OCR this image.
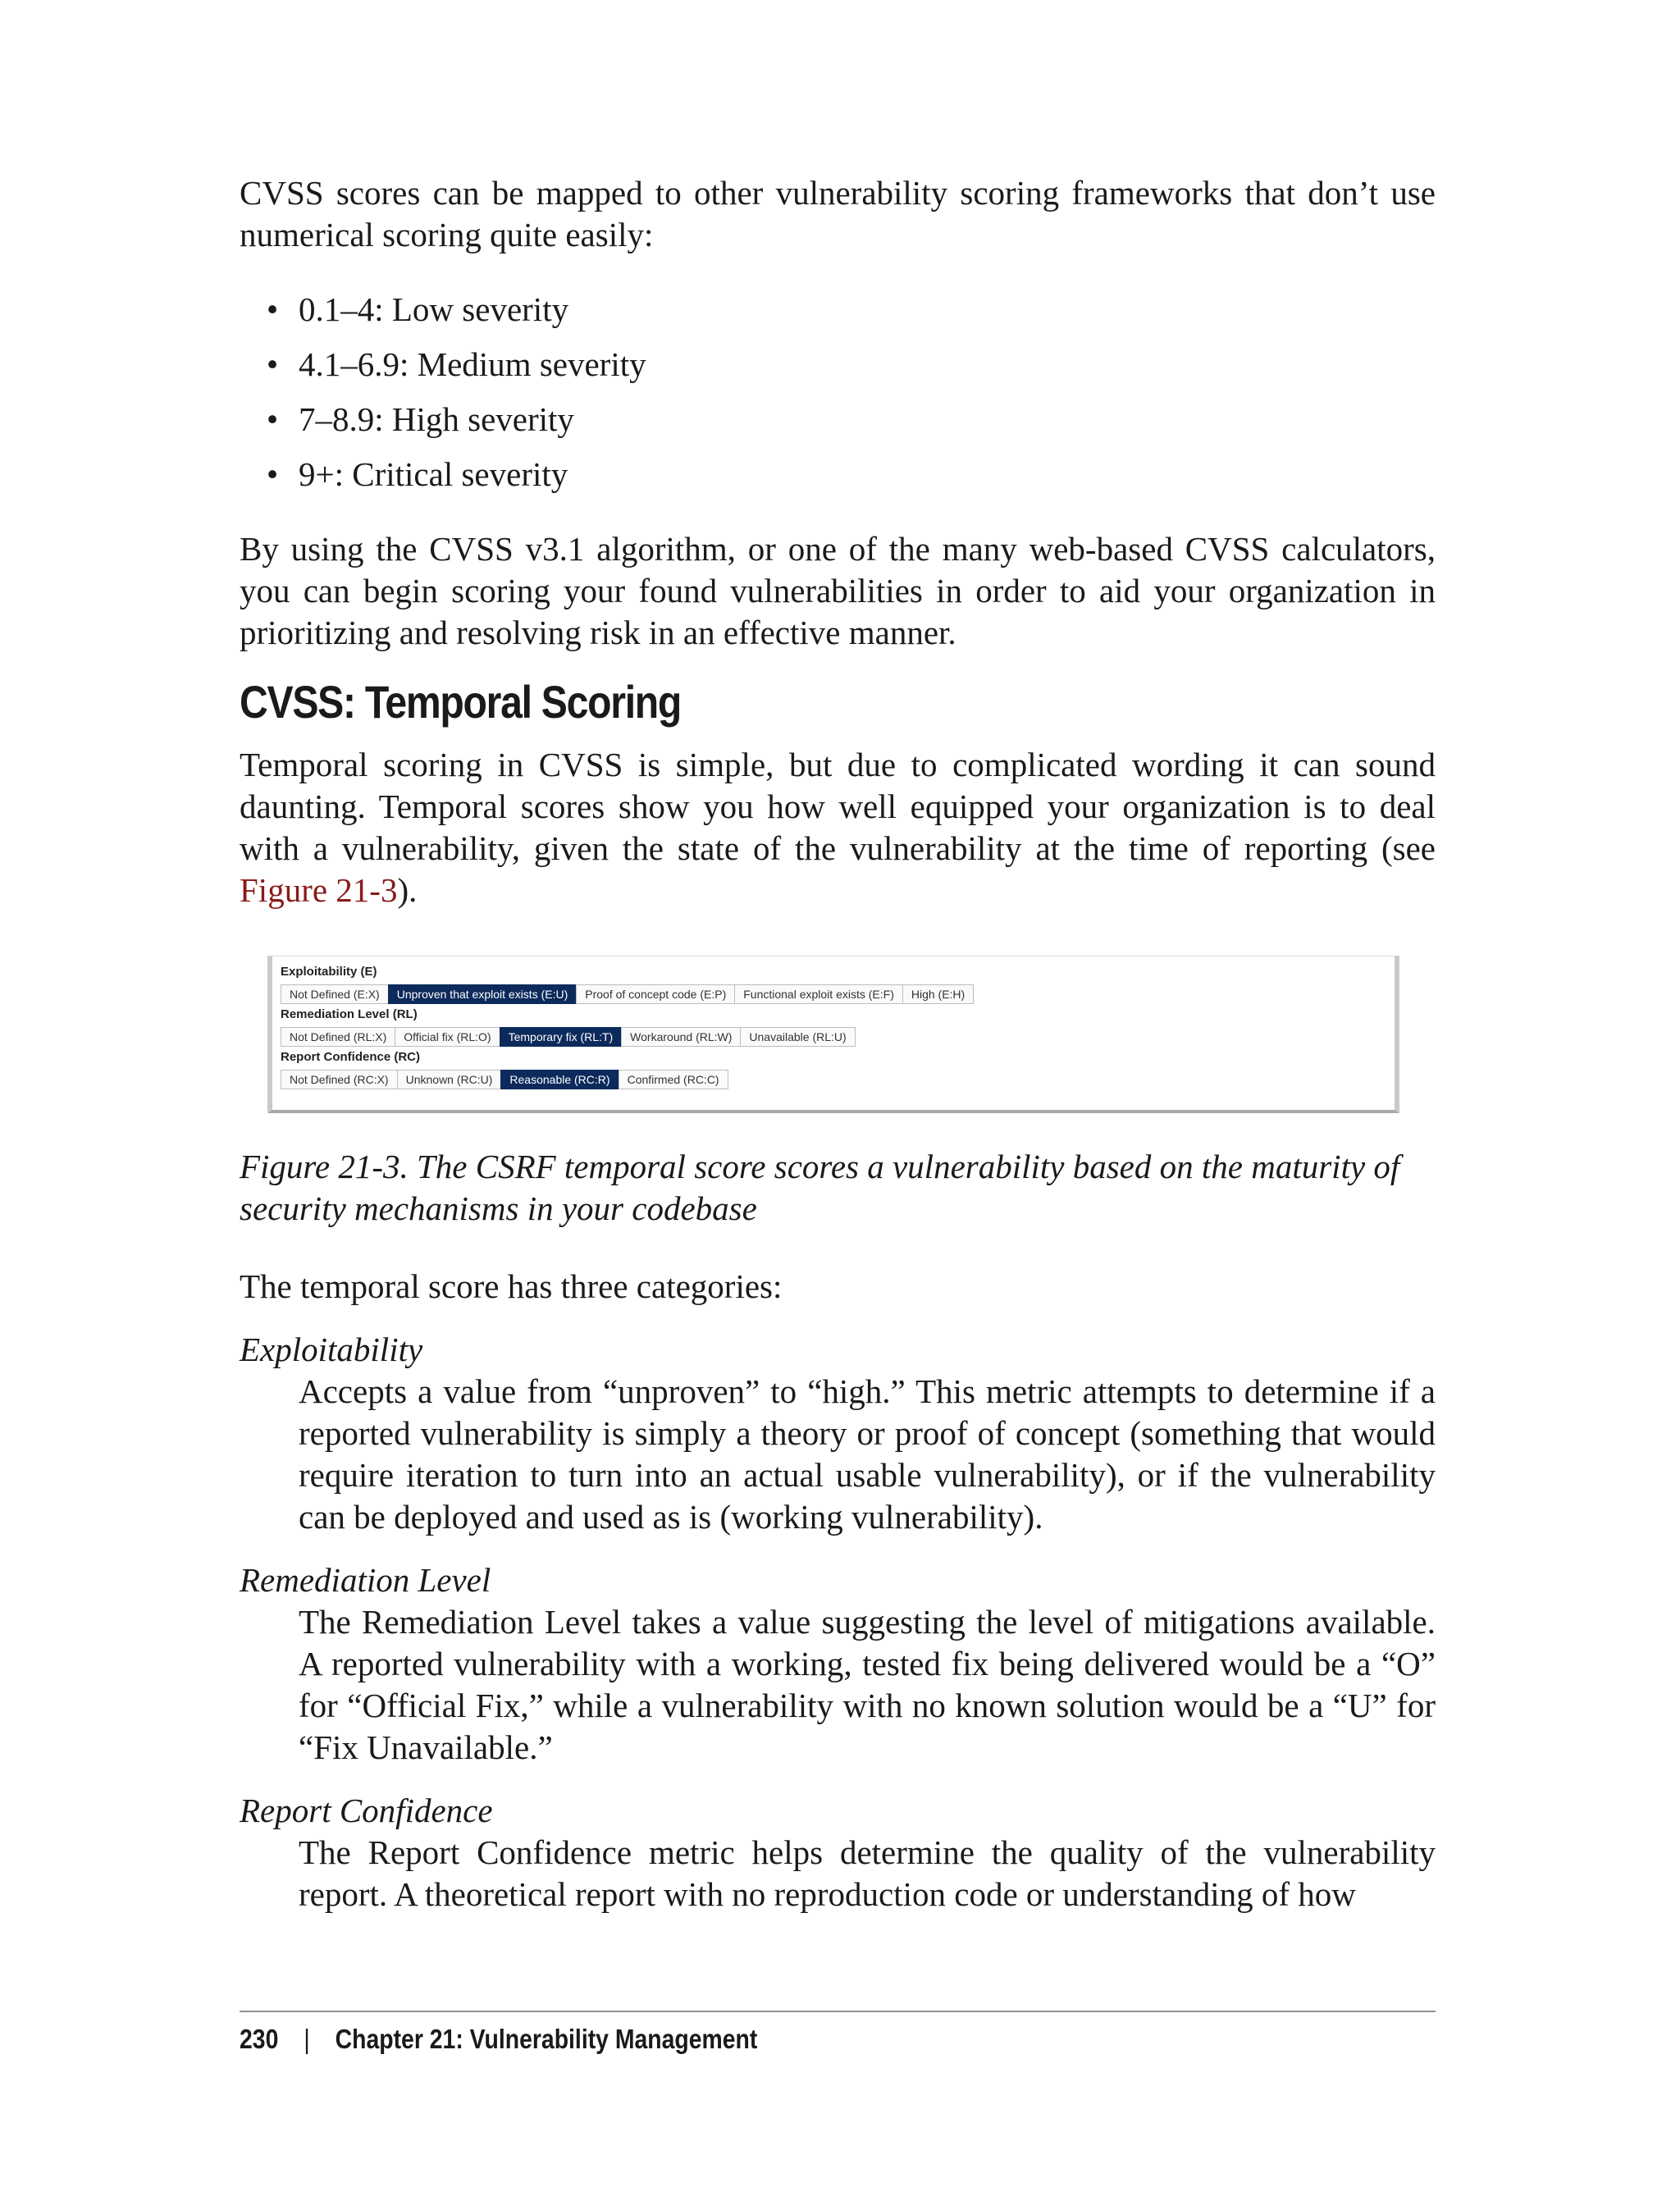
CVSS scores can be mapped to other vulnerability scoring frameworks that don’t use numerical scoring quite easily:

• 0.1–4: Low severity
• 4.1–6.9: Medium severity
• 7–8.9: High severity
• 9+: Critical severity

By using the CVSS v3.1 algorithm, or one of the many web-based CVSS calculators, you can begin scoring your found vulnerabilities in order to aid your organization in prioritizing and resolving risk in an effective manner.

CVSS: Temporal Scoring

Temporal scoring in CVSS is simple, but due to complicated wording it can sound daunting. Temporal scores show you how well equipped your organization is to deal with a vulnerability, given the state of the vulnerability at the time of reporting (see Figure 21-3).

Exploitability (E)
Not Defined (E:X)	Unproven that exploit exists (E:U)	Proof of concept code (E:P)	Functional exploit exists (E:F)	High (E:H)
Remediation Level (RL)
Not Defined (RL:X)	Official fix (RL:O)	Temporary fix (RL:T)	Workaround (RL:W)	Unavailable (RL:U)
Report Confidence (RC)
Not Defined (RC:X)	Unknown (RC:U)	Reasonable (RC:R)	Confirmed (RC:C)

Figure 21-3. The CSRF temporal score scores a vulnerability based on the maturity of security mechanisms in your codebase

The temporal score has three categories:

Exploitability
Accepts a value from “unproven” to “high.” This metric attempts to determine if a reported vulnerability is simply a theory or proof of concept (something that would require iteration to turn into an actual usable vulnerability), or if the vulnerability can be deployed and used as is (working vulnerability).
Remediation Level
The Remediation Level takes a value suggesting the level of mitigations available. A reported vulnerability with a working, tested fix being delivered would be a “O” for “Official Fix,” while a vulnerability with no known solution would be a “U” for “Fix Unavailable.”
Report Confidence
The Report Confidence metric helps determine the quality of the vulnerability report. A theoretical report with no reproduction code or understanding of how
230 | Chapter 21: Vulnerability Management
